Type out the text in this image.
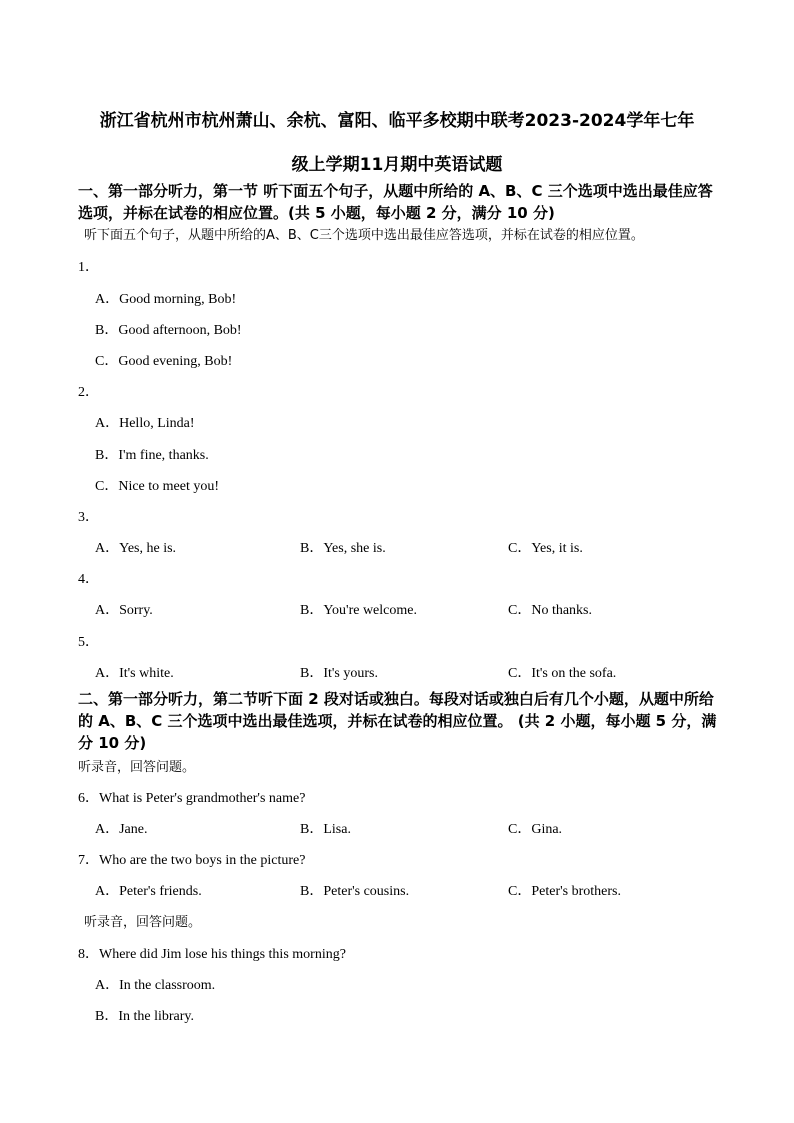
浙江省杭州市杭州萧山、余杭、富阳、临平多校期中联考2023-2024学年七年
级上学期11月期中英语试题
一、第一部分听力，第一节 听下面五个句子，从题中所给的 A、B、C 三个选项中选出最佳应答选项，并标在试卷的相应位置。(共 5 小题，每小题 2 分，满分 10 分)
听下面五个句子，从题中所给的A、B、C三个选项中选出最佳应答选项，并标在试卷的相应位置。
1．
A．Good morning, Bob!
B．Good afternoon, Bob!
C．Good evening, Bob!
2．
A．Hello, Linda!
B．I'm fine, thanks.
C．Nice to meet you!
3．
A．Yes, he is.	B．Yes, she is.	C．Yes, it is.
4．
A．Sorry.	B．You're welcome.	C．No thanks.
5．
A．It's white.	B．It's yours.	C．It's on the sofa.
二、第一部分听力，第二节听下面 2 段对话或独白。每段对话或独白后有几个小题，从题中所给的 A、B、C 三个选项中选出最佳选项，并标在试卷的相应位置。 (共 2 小题，每小题 5 分，满分 10 分)
听录音，回答问题。
6．What is Peter's grandmother's name?
A．Jane.	B．Lisa.	C．Gina.
7．Who are the two boys in the picture?
A．Peter's friends.	B．Peter's cousins.	C．Peter's brothers.
听录音，回答问题。
8．Where did Jim lose his things this morning?
A．In the classroom.
B．In the library.
